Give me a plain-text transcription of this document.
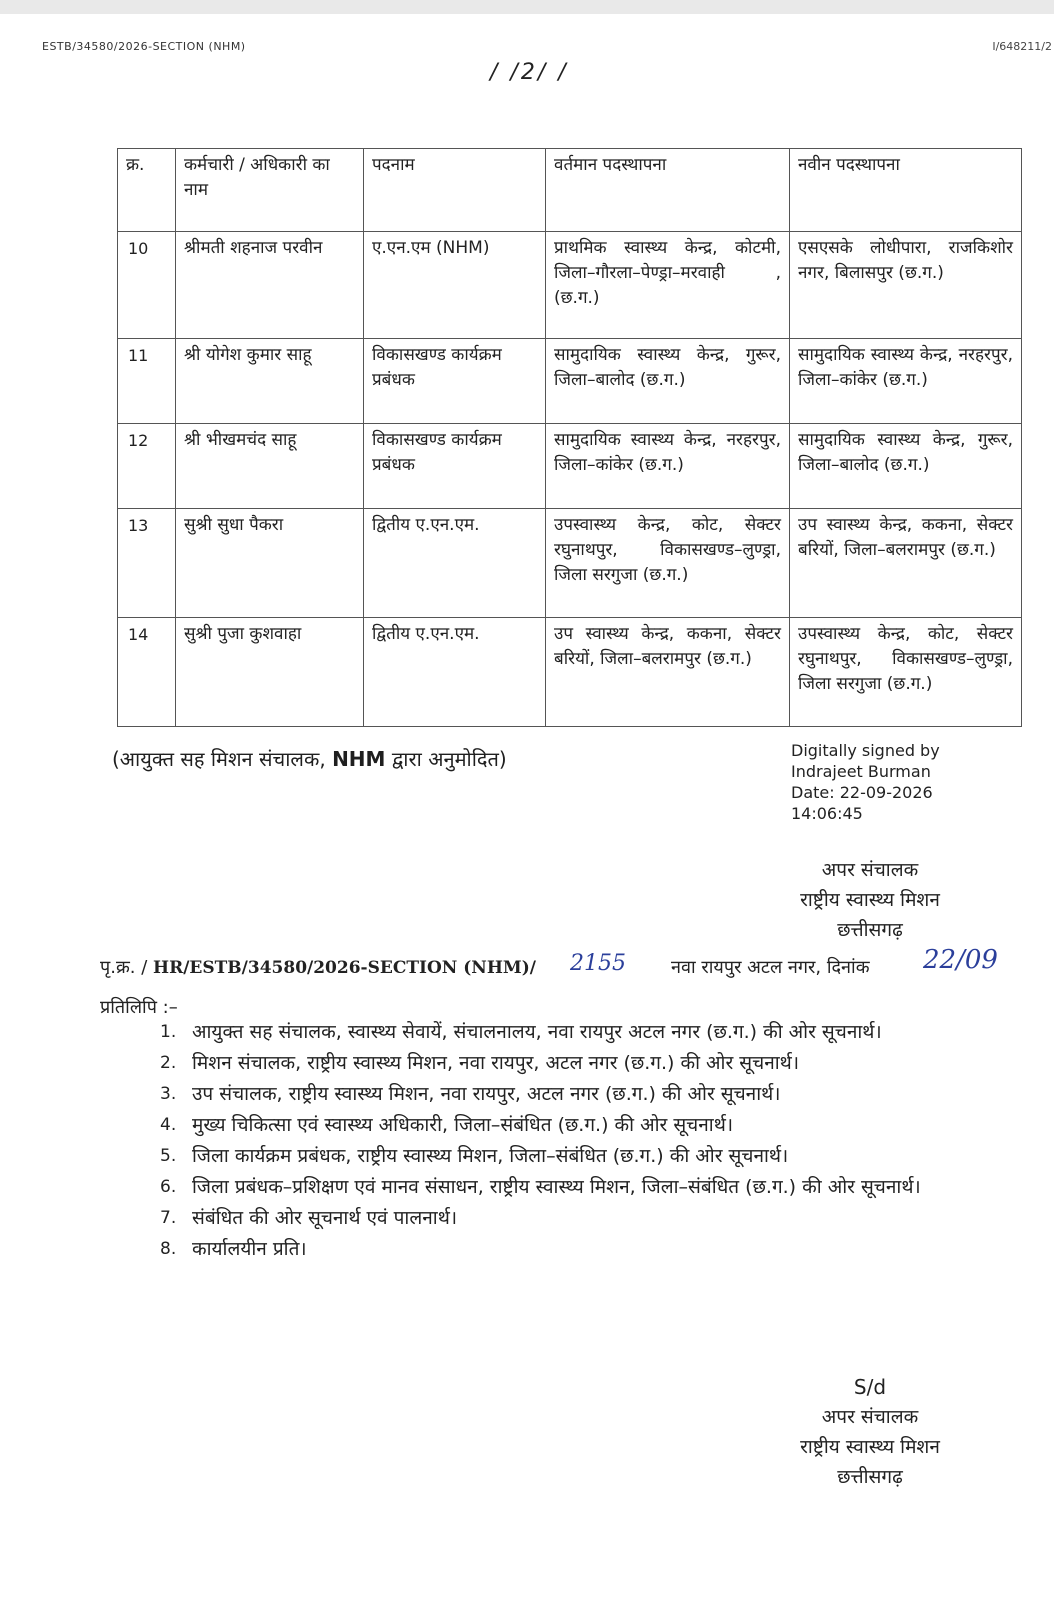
ESTB/34580/2026-SECTION (NHM)	I/648211/2
/ /2/ /
क्र.	कर्मचारी / अधिकारी का नाम	पदनाम	वर्तमान पदस्थापना	नवीन पदस्थापना
10	श्रीमती शहनाज परवीन	ए.एन.एम (NHM)	प्राथमिक स्वास्थ्य केन्द्र, कोटमी, जिला–गौरला–पेण्ड्रा–मरवाही , (छ.ग.)	एसएसके लोधीपारा, राजकिशोर नगर, बिलासपुर (छ.ग.)
11	श्री योगेश कुमार साहू	विकासखण्ड कार्यक्रम प्रबंधक	सामुदायिक स्वास्थ्य केन्द्र, गुरूर, जिला–बालोद (छ.ग.)	सामुदायिक स्वास्थ्य केन्द्र, नरहरपुर, जिला–कांकेर (छ.ग.)
12	श्री भीखमचंद साहू	विकासखण्ड कार्यक्रम प्रबंधक	सामुदायिक स्वास्थ्य केन्द्र, नरहरपुर, जिला–कांकेर (छ.ग.)	सामुदायिक स्वास्थ्य केन्द्र, गुरूर, जिला–बालोद (छ.ग.)
13	सुश्री सुधा पैकरा	द्वितीय ए.एन.एम.	उपस्वास्थ्य केन्द्र, कोट, सेक्टर रघुनाथपुर, विकासखण्ड–लुण्ड्रा, जिला सरगुजा (छ.ग.)	उप स्वास्थ्य केन्द्र, ककना, सेक्टर बरियों, जिला–बलरामपुर (छ.ग.)
14	सुश्री पुजा कुशवाहा	द्वितीय ए.एन.एम.	उप स्वास्थ्य केन्द्र, ककना, सेक्टर बरियों, जिला–बलरामपुर (छ.ग.)	उपस्वास्थ्य केन्द्र, कोट, सेक्टर रघुनाथपुर, विकासखण्ड–लुण्ड्रा, जिला सरगुजा (छ.ग.)
(आयुक्त सह मिशन संचालक, NHM द्वारा अनुमोदित)	Digitally signed by
Indrajeet Burman
Date: 22-09-2026
14:06:45
अपर संचालक
राष्ट्रीय स्वास्थ्य मिशन
छत्तीसगढ़
पृ.क्र. / HR/ESTB/34580/2026-SECTION (NHM)/ 2155	नवा रायपुर अटल नगर, दिनांक 22/09
प्रतिलिपि :–
1. आयुक्त सह संचालक, स्वास्थ्य सेवायें, संचालनालय, नवा रायपुर अटल नगर (छ.ग.) की ओर सूचनार्थ।
2. मिशन संचालक, राष्ट्रीय स्वास्थ्य मिशन, नवा रायपुर, अटल नगर (छ.ग.) की ओर सूचनार्थ।
3. उप संचालक, राष्ट्रीय स्वास्थ्य मिशन, नवा रायपुर, अटल नगर (छ.ग.) की ओर सूचनार्थ।
4. मुख्य चिकित्सा एवं स्वास्थ्य अधिकारी, जिला–संबंधित (छ.ग.) की ओर सूचनार्थ।
5. जिला कार्यक्रम प्रबंधक, राष्ट्रीय स्वास्थ्य मिशन, जिला–संबंधित (छ.ग.) की ओर सूचनार्थ।
6. जिला प्रबंधक–प्रशिक्षण एवं मानव संसाधन, राष्ट्रीय स्वास्थ्य मिशन, जिला–संबंधित (छ.ग.) की ओर सूचनार्थ।
7. संबंधित की ओर सूचनार्थ एवं पालनार्थ।
8. कार्यालयीन प्रति।
S/d
अपर संचालक
राष्ट्रीय स्वास्थ्य मिशन
छत्तीसगढ़
